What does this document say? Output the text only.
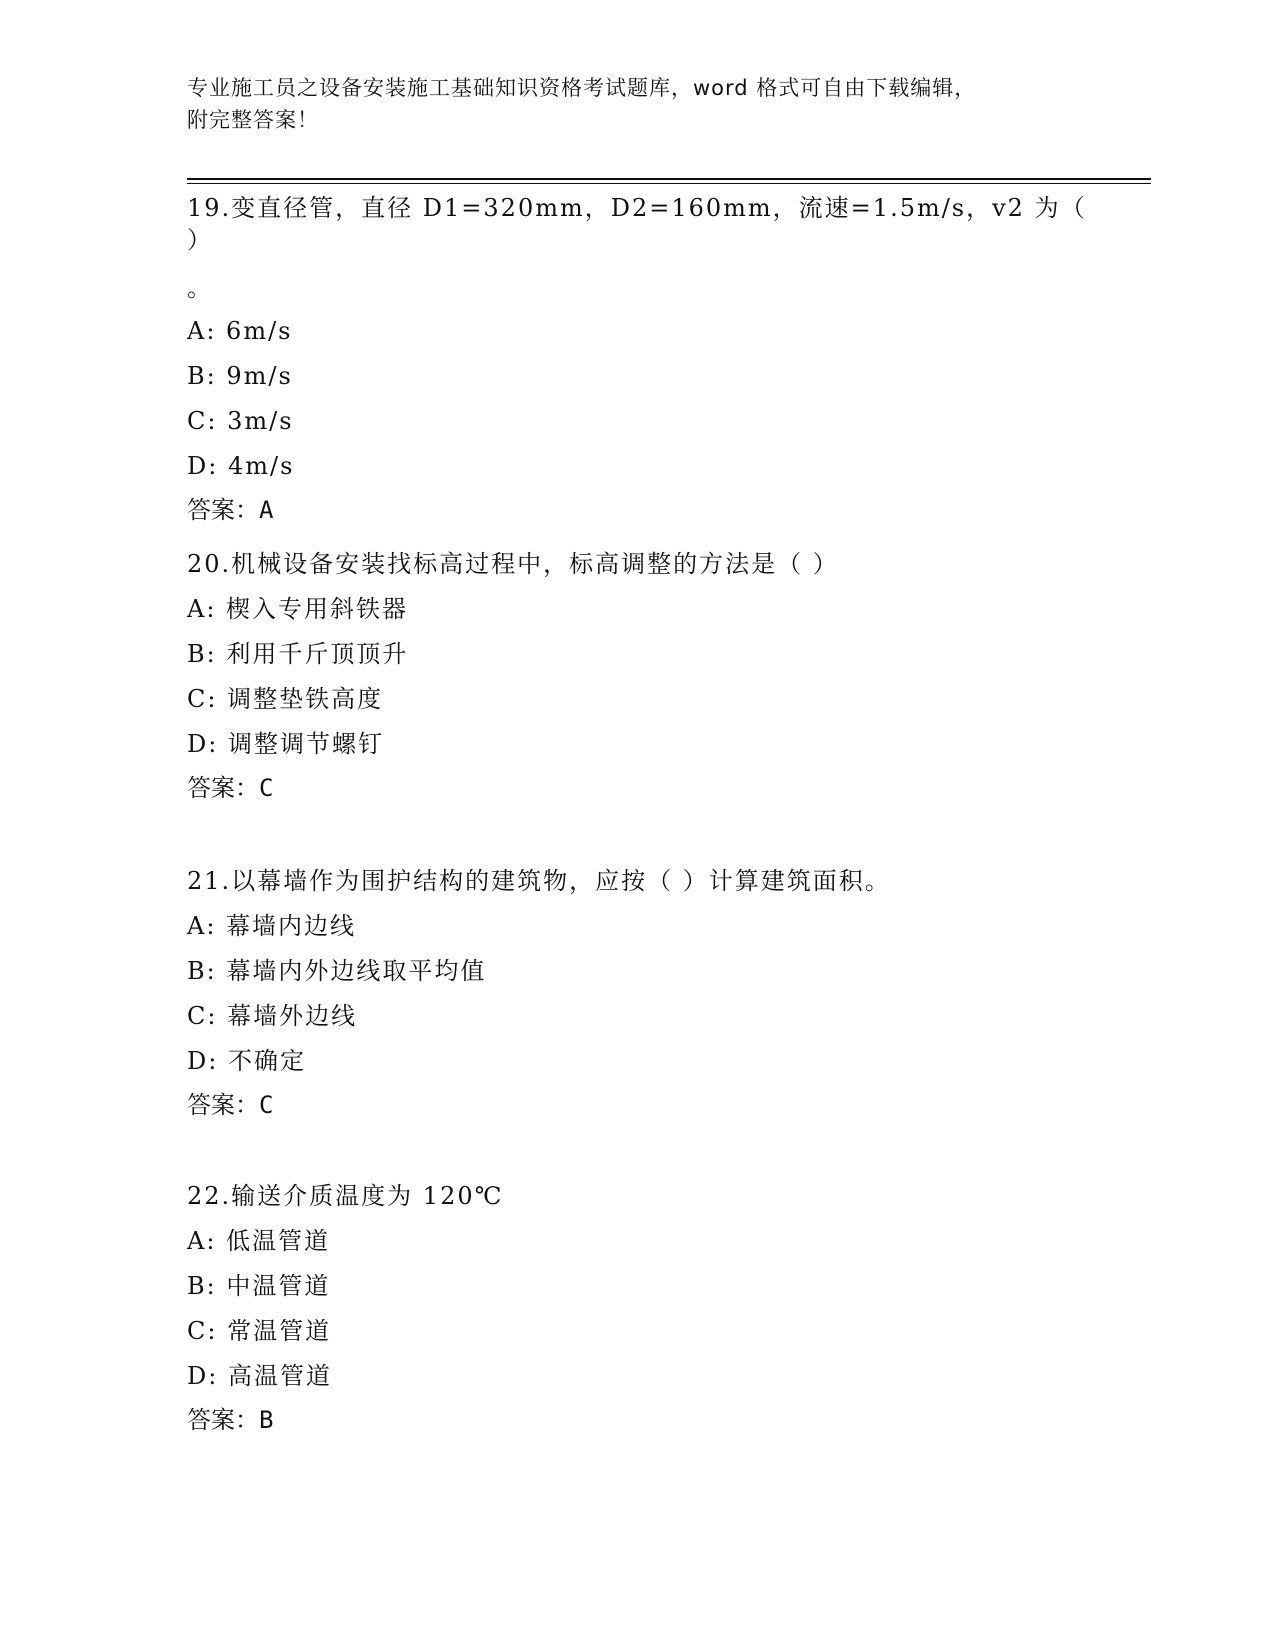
专业施工员之设备安装施工基础知识资格考试题库，word 格式可自由下载编辑，
附完整答案！

19.变直径管，直径 D1=320mm，D2=160mm，流速=1.5m/s，v2 为（ ）

。

A: 6m/s

B: 9m/s

C: 3m/s

D: 4m/s

答案：A

20.机械设备安装找标高过程中，标高调整的方法是（ ）

A: 楔入专用斜铁器

B: 利用千斤顶顶升

C: 调整垫铁高度

D: 调整调节螺钉

答案：C

21.以幕墙作为围护结构的建筑物，应按（ ）计算建筑面积。

A: 幕墙内边线

B: 幕墙内外边线取平均值

C: 幕墙外边线

D: 不确定

答案：C

22.输送介质温度为 120℃

A: 低温管道

B: 中温管道

C: 常温管道

D: 高温管道

答案：B
